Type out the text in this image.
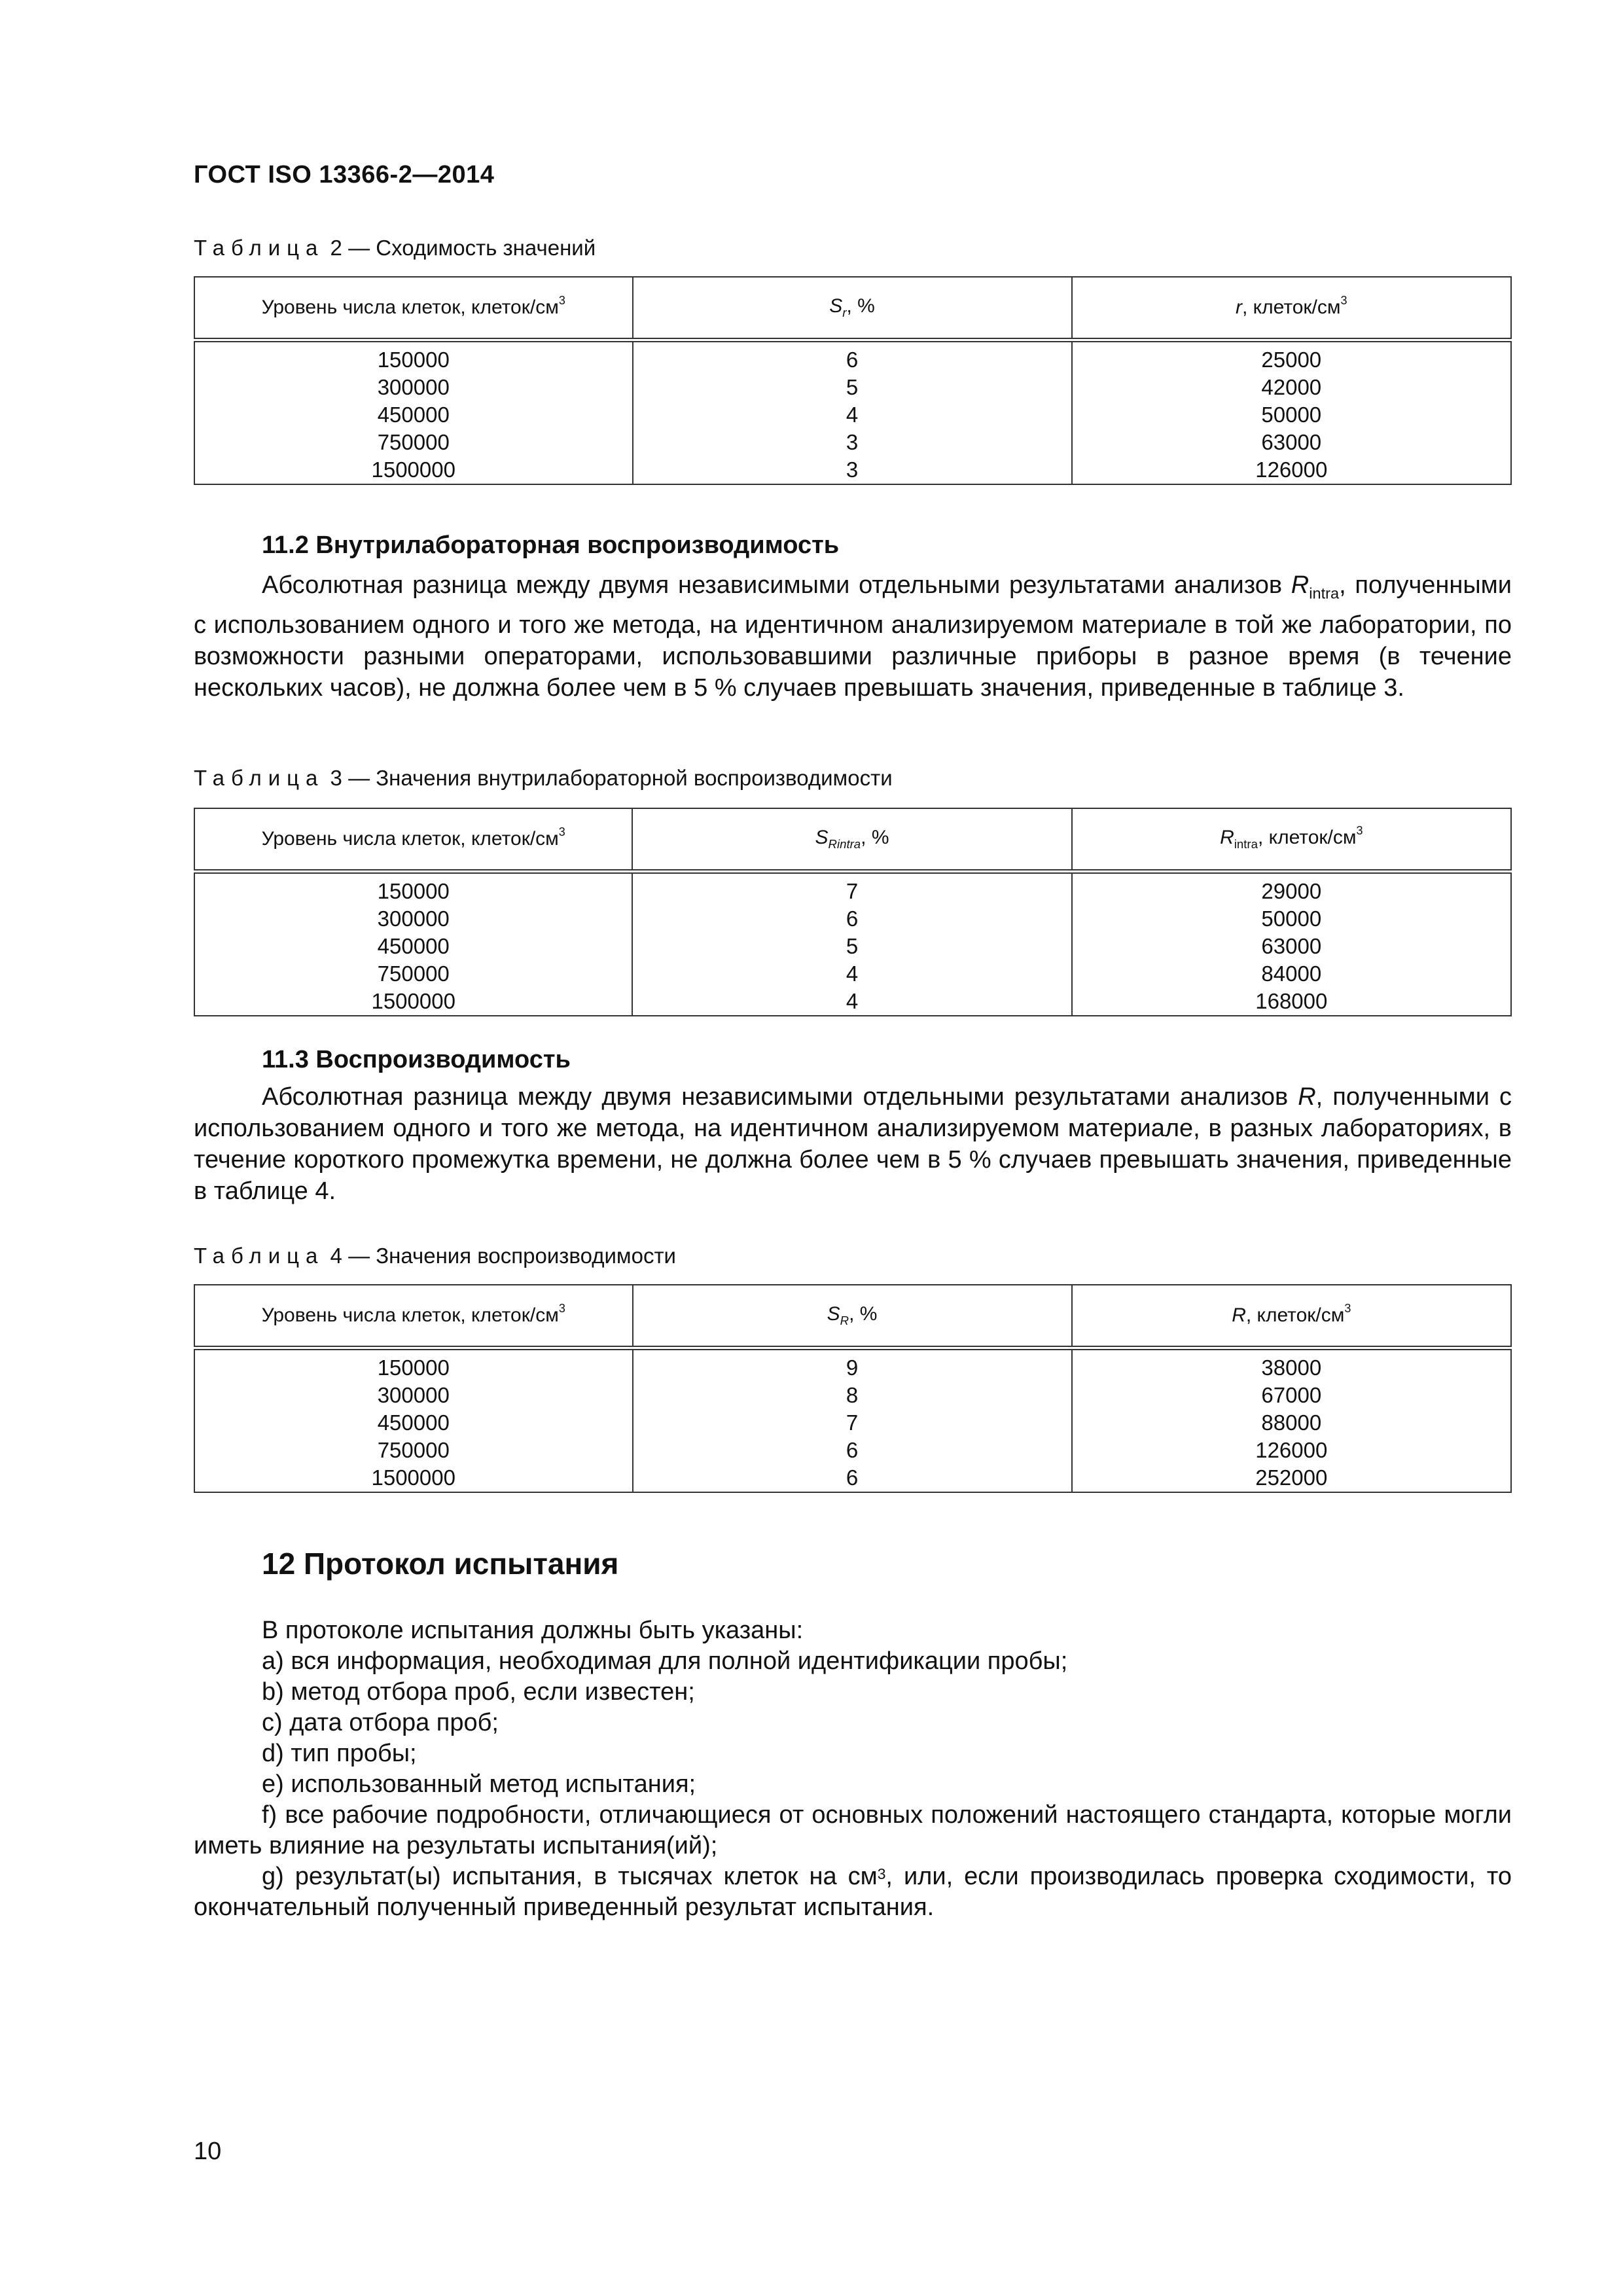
ГОСТ ISO 13366-2—2014
Таблица 2 — Сходимость значений
Уровень числа клеток, клеток/$см^3$	$S_r$, %	r, клеток/$см^3$
150000	6	25000
300000	5	42000
450000	4	50000
750000	3	63000
1500000	3	126000
11.2 Внутрилабораторная воспроизводимость
Абсолютная разница между двумя независимыми отдельными результатами анализов $R_{intra}$, полученными с использованием одного и того же метода, на идентичном анализируемом материале в той же лаборатории, по возможности разными операторами, использовавшими различные приборы в разное время (в течение нескольких часов), не должна более чем в 5 % случаев превышать значения, приведенные в таблице 3.
Таблица 3 — Значения внутрилабораторной воспроизводимости
Уровень числа клеток, клеток/$см^3$	$S_{Rintra}$, %	$R_{intra}$, клеток/$см^3$
150000	7	29000
300000	6	50000
450000	5	63000
750000	4	84000
1500000	4	168000
11.3 Воспроизводимость
Абсолютная разница между двумя независимыми отдельными результатами анализов R, полученными с использованием одного и того же метода, на идентичном анализируемом материале, в разных лабораториях, в течение короткого промежутка времени, не должна более чем в 5 % случаев превышать значения, приведенные в таблице 4.
Таблица 4 — Значения воспроизводимости
Уровень числа клеток, клеток/$см^3$	$S_R$, %	R, клеток/$см^3$
150000	9	38000
300000	8	67000
450000	7	88000
750000	6	126000
1500000	6	252000
12 Протокол испытания
В протоколе испытания должны быть указаны:
a) вся информация, необходимая для полной идентификации пробы;
b) метод отбора проб, если известен;
c) дата отбора проб;
d) тип пробы;
e) использованный метод испытания;
f) все рабочие подробности, отличающиеся от основных положений настоящего стандарта, которые могли иметь влияние на результаты испытания(ий);
g) результат(ы) испытания, в тысячах клеток на $см^3$, или, если производилась проверка сходимости, то окончательный полученный приведенный результат испытания.
10
